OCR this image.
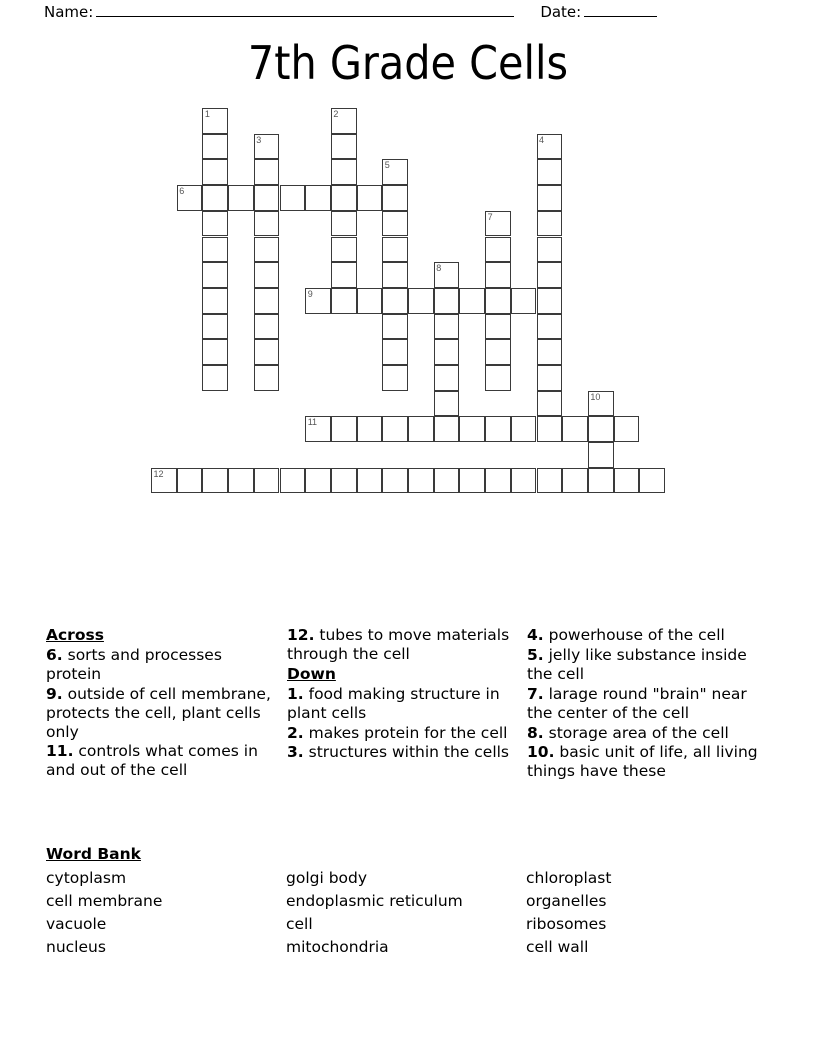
Name:	Date:
7th Grade Cells
1	2
3	4
5
6
7
8
9
10
11
12
Across
6. sorts and processes protein
9. outside of cell membrane, protects the cell, plant cells only
11. controls what comes in and out of the cell
12. tubes to move materials through the cell
Down
1. food making structure in plant cells
2. makes protein for the cell
3. structures within the cells
4. powerhouse of the cell
5. jelly like substance inside the cell
7. larage round "brain" near the center of the cell
8. storage area of the cell
10. basic unit of life, all living things have these
Word Bank
cytoplasm	golgi body	chloroplast
cell membrane	endoplasmic reticulum	organelles
vacuole	cell	ribosomes
nucleus	mitochondria	cell wall
